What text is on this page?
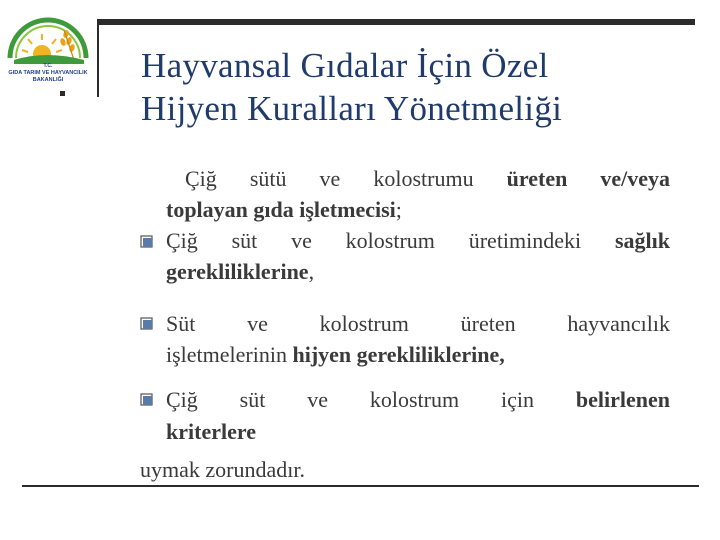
T.C.
GIDA TARIM VE HAYVANCILIK
BAKANLIĞI	Hayvansal Gıdalar İçin Özel
Hijyen Kuralları Yönetmeliği
Çiğ sütü ve kolostrumu üreten ve/veya
toplayan gıda işletmecisi;
Çiğ süt ve kolostrum üretimindeki sağlık
gerekliliklerine,
Süt ve kolostrum üreten hayvancılık
işletmelerinin hijyen gerekliliklerine,
Çiğ süt ve kolostrum için belirlenen
kriterlere
uymak zorundadır.
